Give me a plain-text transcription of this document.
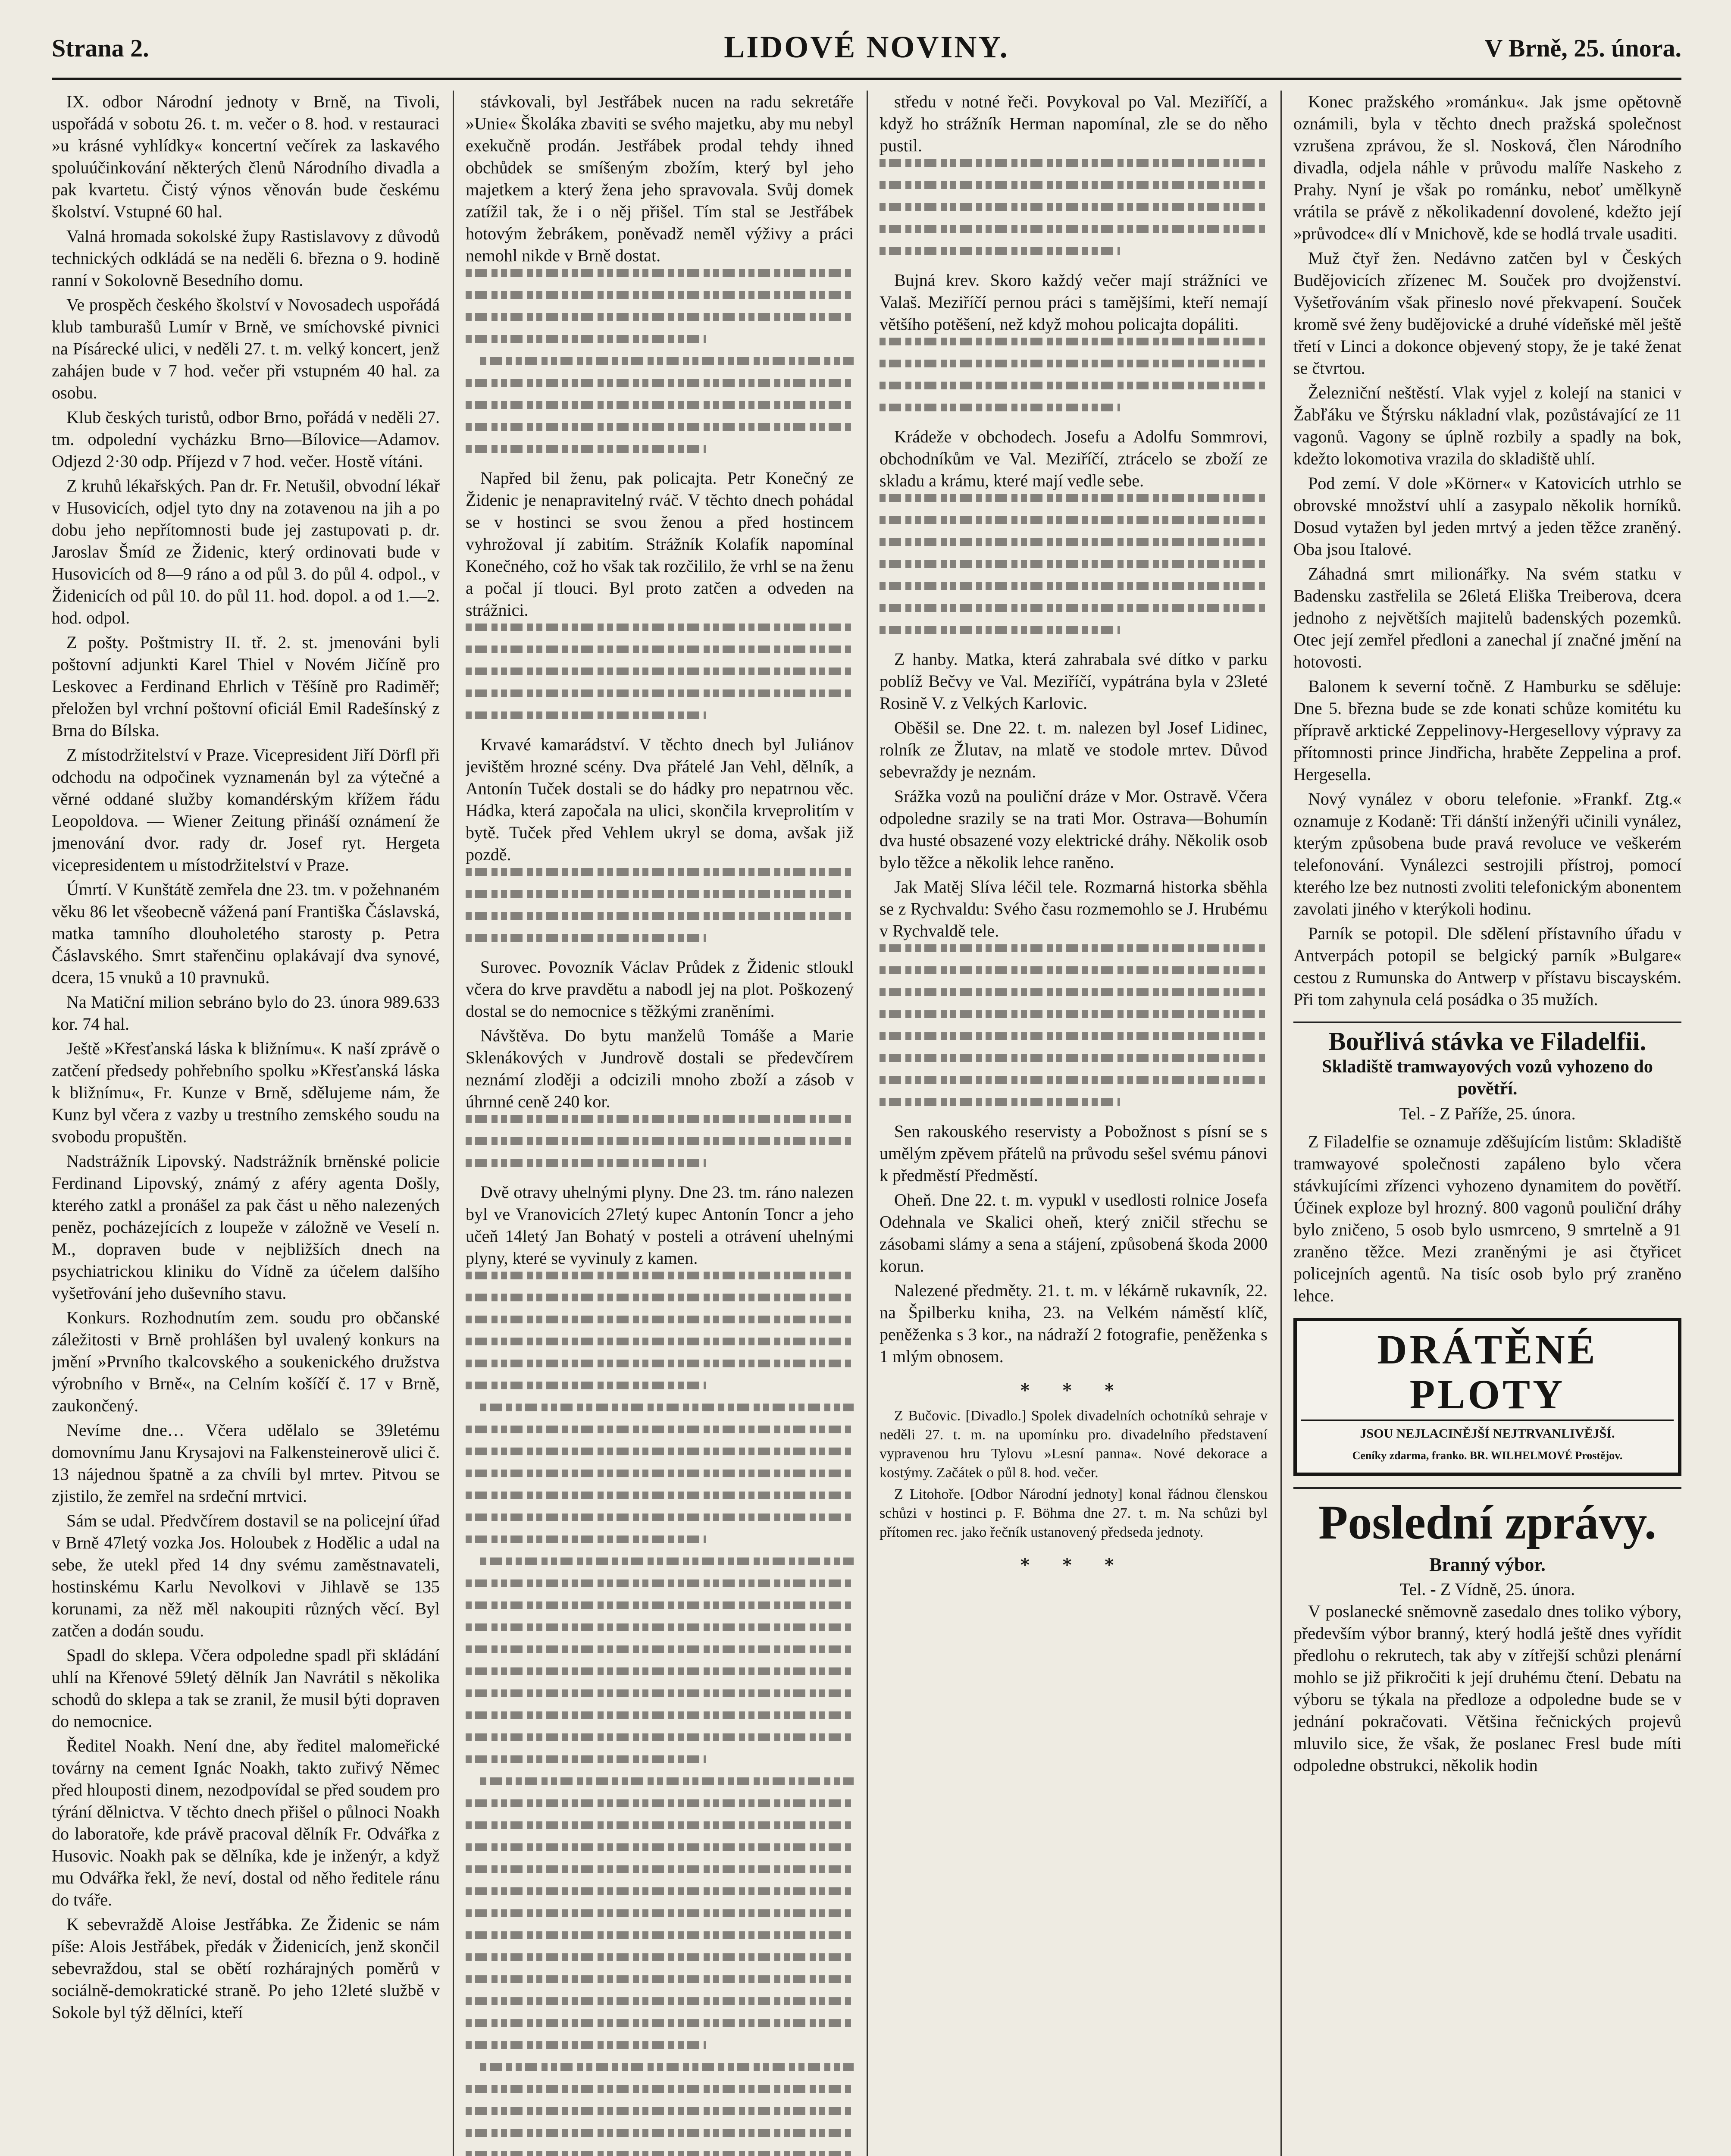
Strana 2.	LIDOVÉ NOVINY.	V Brně, 25. února.

IX. odbor Národní jednoty v Brně, na Tivoli, uspořádá v sobotu 26. t. m. večer o 8. hod. v restauraci »u krásné vyhlídky« koncertní večírek za laskavého spoluúčinkování některých členů Národního divadla a pak kvartetu. Čistý výnos věnován bude českému školství. Vstupné 60 hal.

Valná hromada sokolské župy Rastislavovy z důvodů technických odkládá se na neděli 6. března o 9. hodině ranní v Sokolovně Besedního domu.

Ve prospěch českého školství v Novosadech uspořádá klub tamburašů Lumír v Brně, ve smíchovské pivnici na Písárecké ulici, v neděli 27. t. m. velký koncert, jenž zahájen bude v 7 hod. večer při vstupném 40 hal. za osobu.

Klub českých turistů, odbor Brno, pořádá v neděli 27. tm. odpolední vycházku Brno—Bílovice—Adamov. Odjezd 2·30 odp. Příjezd v 7 hod. večer. Hostě vítáni.

Z kruhů lékařských. Pan dr. Fr. Netušil, obvodní lékař v Husovicích, odjel tyto dny na zotavenou na jih a po dobu jeho nepřítomnosti bude jej zastupovati p. dr. Jaroslav Šmíd ze Židenic, který ordinovati bude v Husovicích od 8—9 ráno a od půl 3. do půl 4. odpol., v Židenicích od půl 10. do půl 11. hod. dopol. a od 1.—2. hod. odpol.

Z pošty. Poštmistry II. tř. 2. st. jmenováni byli poštovní adjunkti Karel Thiel v Novém Jičíně pro Leskovec a Ferdinand Ehrlich v Těšíně pro Radiměř; přeložen byl vrchní poštovní oficiál Emil Radešínský z Brna do Bílska.

Z místodržitelství v Praze. Vicepresident Jiří Dörfl při odchodu na odpočinek vyznamenán byl za výtečné a věrné oddané služby komandérským křížem řádu Leopoldova. — Wiener Zeitung přináší oznámení že jmenování dvor. rady dr. Josef ryt. Hergeta vicepresidentem u místodržitelství v Praze.

Úmrtí. V Kunštátě zemřela dne 23. tm. v požehnaném věku 86 let všeobecně vážená paní Františka Čáslavská, matka tamního dlouholetého starosty p. Petra Čáslavského. Smrt stařenčinu oplakávají dva synové, dcera, 15 vnuků a 10 pravnuků.

Na Matiční milion sebráno bylo do 23. února 989.633 kor. 74 hal.

Ještě »Křesťanská láska k bližnímu«. K naší zprávě o zatčení předsedy pohřebního spolku »Křesťanská láska k bližnímu«, Fr. Kunze v Brně, sdělujeme nám, že Kunz byl včera z vazby u trestního zemského soudu na svobodu propuštěn.

Nadstrážník Lipovský. Nadstrážník brněnské policie Ferdinand Lipovský, známý z aféry agenta Došly, kterého zatkl a pronášel za pak část u něho nalezených peněz, pocházejících z loupeže v záložně ve Veselí n. M., dopraven bude v nejbližších dnech na psychiatrickou kliniku do Vídně za účelem dalšího vyšetřování jeho duševního stavu.

Konkurs. Rozhodnutím zem. soudu pro občanské záležitosti v Brně prohlášen byl uvalený konkurs na jmění »Prvního tkalcovského a soukenického družstva výrobního v Brně«, na Celním košíčí č. 17 v Brně, zaukončený.

Nevíme dne… Včera udělalo se 39letému domovnímu Janu Krysajovi na Falkensteinerově ulici č. 13 nájednou špatně a za chvíli byl mrtev. Pitvou se zjistilo, že zemřel na srdeční mrtvici.

Sám se udal. Předvčírem dostavil se na policejní úřad v Brně 47letý vozka Jos. Holoubek z Hodělic a udal na sebe, že utekl před 14 dny svému zaměstnavateli, hostinskému Karlu Nevolkovi v Jihlavě se 135 korunami, za něž měl nakoupiti různých věcí. Byl zatčen a dodán soudu.

Spadl do sklepa. Včera odpoledne spadl při skládání uhlí na Křenové 59letý dělník Jan Navrátil s několika schodů do sklepa a tak se zranil, že musil býti dopraven do nemocnice.

Ředitel Noakh. Není dne, aby ředitel malomeřické továrny na cement Ignác Noakh, takto zuřivý Němec před hlouposti dinem, nezodpovídal se před soudem pro týrání dělnictva. V těchto dnech přišel o půlnoci Noakh do laboratoře, kde právě pracoval dělník Fr. Odvářka z Husovic. Noakh pak se dělníka, kde je inženýr, a když mu Odvářka řekl, že neví, dostal od něho ředitele ránu do tváře.

K sebevraždě Aloise Jestřábka. Ze Židenic se nám píše: Alois Jestřábek, předák v Židenicích, jenž skončil sebevraždou, stal se obětí rozhárajných poměrů v sociálně-demokratické straně. Po jeho 12leté službě v Sokole byl týž dělníci, kteří

stávkovali, byl Jestřábek nucen na radu sekretáře »Unie« Školáka zbaviti se svého majetku, aby mu nebyl exekučně prodán. Jestřábek prodal tehdy ihned obchůdek se smíšeným zbožím, který byl jeho majetkem a který žena jeho spravovala. Svůj domek zatížil tak, že i o něj přišel. Tím stal se Jestřábek hotovým žebrákem, poněvadž neměl výživy a práci nemohl nikde v Brně dostat.

Napřed bil ženu, pak policajta. Petr Konečný ze Židenic je nenapravitelný rváč. V těchto dnech pohádal se v hostinci se svou ženou a před hostincem vyhrožoval jí zabitím. Strážník Kolafík napomínal Konečného, což ho však tak rozčililo, že vrhl se na ženu a počal jí tlouci. Byl proto zatčen a odveden na strážnici.

Krvavé kamarádství. V těchto dnech byl Juliánov jevištěm hrozné scény. Dva přátelé Jan Vehl, dělník, a Antonín Tuček dostali se do hádky pro nepatrnou věc. Hádka, která započala na ulici, skončila krveprolitím v bytě. Tuček před Vehlem ukryl se doma, avšak již pozdě.

Surovec. Povozník Václav Průdek z Židenic stloukl včera do krve pravdětu a nabodl jej na plot. Poškozený dostal se do nemocnice s těžkými zraněními.

Návštěva. Do bytu manželů Tomáše a Marie Sklenákových v Jundrově dostali se předevčírem neznámí zloději a odcizili mnoho zboží a zásob v úhrnné ceně 240 kor.

Dvě otravy uhelnými plyny. Dne 23. tm. ráno nalezen byl ve Vranovicích 27letý kupec Antonín Toncr a jeho učeň 14letý Jan Bohatý v posteli a otrávení uhelnými plyny, které se vyvinuly z kamen.

středu v notné řeči. Povykoval po Val. Meziříčí, a když ho strážník Herman napomínal, zle se do něho pustil.

Bujná krev. Skoro každý večer mají strážníci ve Valaš. Meziříčí pernou práci s tamějšími, kteří nemají většího potěšení, než když mohou policajta dopáliti.

Krádeže v obchodech. Josefu a Adolfu Sommrovi, obchodníkům ve Val. Meziříčí, ztrácelo se zboží ze skladu a krámu, které mají vedle sebe.

Z hanby. Matka, která zahrabala své dítko v parku poblíž Bečvy ve Val. Meziříčí, vypátrána byla v 23leté Rosině V. z Velkých Karlovic.

Oběšil se. Dne 22. t. m. nalezen byl Josef Lidinec, rolník ze Žlutav, na mlatě ve stodole mrtev. Důvod sebevraždy je neznám.

Srážka vozů na pouliční dráze v Mor. Ostravě. Včera odpoledne srazily se na trati Mor. Ostrava—Bohumín dva husté obsazené vozy elektrické dráhy. Několik osob bylo těžce a několik lehce raněno.

Jak Matěj Slíva léčil tele. Rozmarná historka sběhla se z Rychvaldu: Svého času rozmemohlo se J. Hrubému v Rychvaldě tele.

Sen rakouského reservisty a Pobožnost s písní se s umělým zpěvem přátelů na průvodu sešel svému pánovi k předměstí Předměstí.

Oheň. Dne 22. t. m. vypukl v usedlosti rolnice Josefa Odehnala ve Skalici oheň, který zničil střechu se zásobami slámy a sena a stájení, způsobená škoda 2000 korun.

Nalezené předměty. 21. t. m. v lékárně rukavník, 22. na Špilberku kniha, 23. na Velkém náměstí klíč, peněženka s 3 kor., na nádraží 2 fotografie, peněženka s 1 mlým obnosem.

∗ ∗ ∗

Z Bučovic. [Divadlo.] Spolek divadelních ochotníků sehraje v neděli 27. t. m. na upomínku pro. divadelního představení vypravenou hru Tylovu »Lesní panna«. Nové dekorace a kostýmy. Začátek o půl 8. hod. večer.

Z Litohoře. [Odbor Národní jednoty] konal řádnou členskou schůzi v hostinci p. F. Böhma dne 27. t. m. Na schůzi byl přítomen rec. jako řečník ustanovený předseda jednoty.

∗ ∗ ∗

Konec pražského »románku«. Jak jsme opětovně oznámili, byla v těchto dnech pražská společnost vzrušena zprávou, že sl. Nosková, člen Národního divadla, odjela náhle v průvodu malíře Naskeho z Prahy. Nyní je však po románku, neboť umělkyně vrátila se právě z několikadenní dovolené, kdežto její »průvodce« dlí v Mnichově, kde se hodlá trvale usaditi.

Muž čtyř žen. Nedávno zatčen byl v Českých Budějovicích zřízenec M. Souček pro dvojženství. Vyšetřováním však přineslo nové překvapení. Souček kromě své ženy budějovické a druhé vídeňské měl ještě třetí v Linci a dokonce objevený stopy, že je také ženat se čtvrtou.

Železniční neštěstí. Vlak vyjel z kolejí na stanici v Žabľáku ve Štýrsku nákladní vlak, pozůstávající ze 11 vagonů. Vagony se úplně rozbily a spadly na bok, kdežto lokomotiva vrazila do skladiště uhlí.

Pod zemí. V dole »Körner« v Katovicích utrhlo se obrovské množství uhlí a zasypalo několik horníků. Dosud vytažen byl jeden mrtvý a jeden těžce zraněný. Oba jsou Italové.

Záhadná smrt milionářky. Na svém statku v Badensku zastřelila se 26letá Eliška Treiberova, dcera jednoho z největších majitelů badenských pozemků. Otec její zemřel předloni a zanechal jí značné jmění na hotovosti.

Balonem k severní točně. Z Hamburku se sděluje: Dne 5. března bude se zde konati schůze komitétu ku přípravě arktické Zeppelinovy-Hergesellovy výpravy za přítomnosti prince Jindřicha, hraběte Zeppelina a prof. Hergesella.

Nový vynález v oboru telefonie. »Frankf. Ztg.« oznamuje z Kodaně: Tři dánští inženýři učinili vynález, kterým způsobena bude pravá revoluce ve veškerém telefonování. Vynálezci sestrojili přístroj, pomocí kterého lze bez nutnosti zvoliti telefonickým abonentem zavolati jiného v kterýkoli hodinu.

Parník se potopil. Dle sdělení přístavního úřadu v Antverpách potopil se belgický parník »Bulgare« cestou z Rumunska do Antwerp v přístavu biscayském. Při tom zahynula celá posádka o 35 mužích.

Bouřlivá stávka ve Filadelfii.
Skladiště tramwayových vozů vyhozeno do povětří.
Tel. - Z Paříže, 25. února.

Z Filadelfie se oznamuje zděšujícím listům: Skladiště tramwayové společnosti zapáleno bylo včera stávkujícími zřízenci vyhozeno dynamitem do povětří. Účinek exploze byl hrozný. 800 vagonů pouliční dráhy bylo zničeno, 5 osob bylo usmrceno, 9 smrtelně a 91 zraněno těžce. Mezi zraněnými je asi čtyřicet policejních agentů. Na tisíc osob bylo prý zraněno lehce.

DRÁTĚNÉ PLOTY
JSOU NEJLACINĚJŠÍ NEJTRVANLIVĚJŠÍ.
Ceníky zdarma, franko. BR. WILHELMOVÉ Prostějov.
Poslední zprávy.
Branný výbor.
Tel. - Z Vídně, 25. února.

V poslanecké sněmovně zasedalo dnes tolikо výbory, především výbor branný, který hodlá ještě dnes vyřídit předlohu o rekrutech, tak aby v zítřejší schůzi plenární mohlo se již přikročiti k její druhému čtení. Debatu na výboru se týkala na předloze a odpoledne bude se v jednání pokračovati. Většina řečnických projevů mluvilo sice, že však, že poslanec Fresl bude míti odpoledne obstrukci, několik hodin
